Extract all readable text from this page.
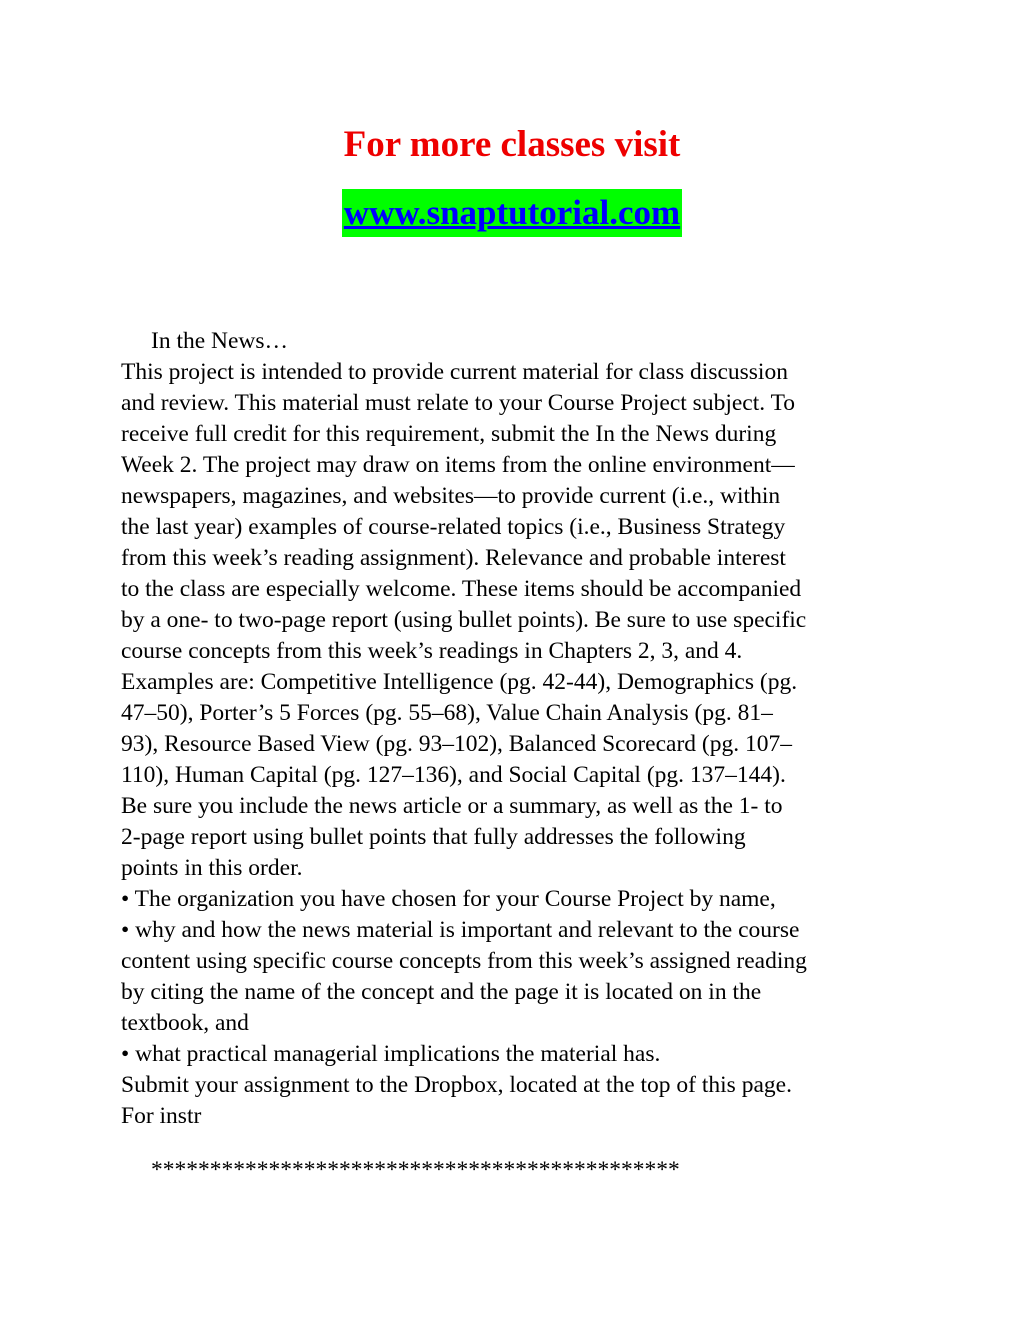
For more classes visit
www.snaptutorial.com
In the News…
This project is intended to provide current material for class discussion
and review. This material must relate to your Course Project subject. To
receive full credit for this requirement, submit the In the News during
Week 2. The project may draw on items from the online environment—
newspapers, magazines, and websites—to provide current (i.e., within
the last year) examples of course-related topics (i.e., Business Strategy
from this week’s reading assignment). Relevance and probable interest
to the class are especially welcome. These items should be accompanied
by a one- to two-page report (using bullet points). Be sure to use specific
course concepts from this week’s readings in Chapters 2, 3, and 4.
Examples are: Competitive Intelligence (pg. 42-44), Demographics (pg.
47–50), Porter’s 5 Forces (pg. 55–68), Value Chain Analysis (pg. 81–
93), Resource Based View (pg. 93–102), Balanced Scorecard (pg. 107–
110), Human Capital (pg. 127–136), and Social Capital (pg. 137–144).
Be sure you include the news article or a summary, as well as the 1- to
2-page report using bullet points that fully addresses the following
points in this order.
• The organization you have chosen for your Course Project by name,
• why and how the news material is important and relevant to the course
content using specific course concepts from this week’s assigned reading
by citing the name of the concept and the page it is located on in the
textbook, and
• what practical managerial implications the material has.
Submit your assignment to the Dropbox, located at the top of this page.
For instr
*********************************************
